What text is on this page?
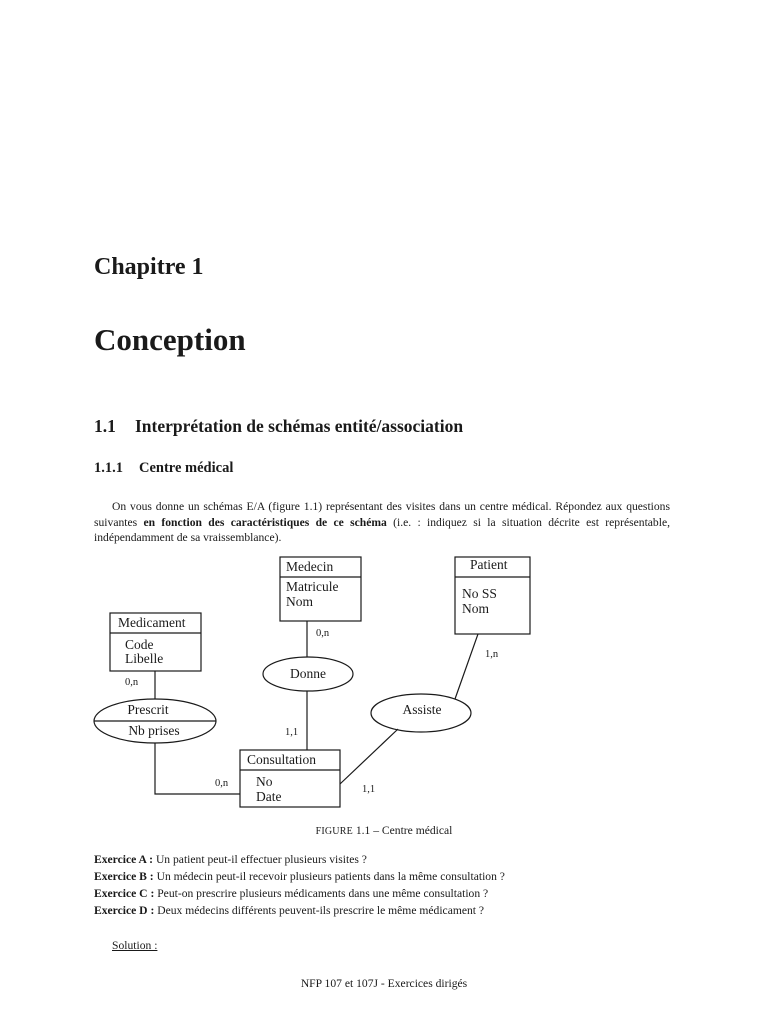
Chapitre 1
Conception
1.1 Interprétation de schémas entité/association
1.1.1 Centre médical
On vous donne un schémas E/A (figure 1.1) représentant des visites dans un centre médical. Répondez aux questions suivantes en fonction des caractéristiques de ce schéma (i.e. : indiquez si la situation décrite est représentable, indépendamment de sa vraissemblance).
Medecin
Matricule
Nom
Patient
No SS
Nom
Medicament
Code
Libelle
Consultation
No
Date
Donne
Assiste
Prescrit
Nb prises
0,n
1,1
1,n
1,1
0,n
0,n
FIGURE 1.1 – Centre médical
Exercice A : Un patient peut-il effectuer plusieurs visites ?
Exercice B : Un médecin peut-il recevoir plusieurs patients dans la même consultation ?
Exercice C : Peut-on prescrire plusieurs médicaments dans une même consultation ?
Exercice D : Deux médecins différents peuvent-ils prescrire le même médicament ?
Solution :
NFP 107 et 107J - Exercices dirigés
